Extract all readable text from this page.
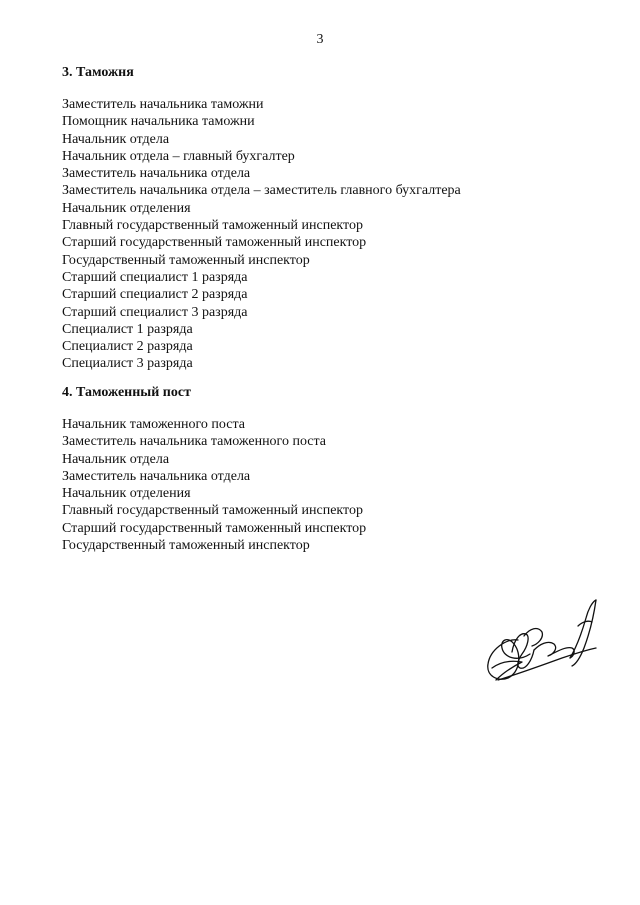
3
3. Таможня
Заместитель начальника таможни
Помощник начальника таможни
Начальник отдела
Начальник отдела – главный бухгалтер
Заместитель начальника отдела
Заместитель начальника отдела – заместитель главного бухгалтера
Начальник отделения
Главный государственный таможенный инспектор
Старший государственный таможенный инспектор
Государственный таможенный инспектор
Старший специалист 1 разряда
Старший специалист 2 разряда
Старший специалист 3 разряда
Специалист 1 разряда
Специалист 2 разряда
Специалист 3 разряда
4. Таможенный пост
Начальник таможенного поста
Заместитель начальника таможенного поста
Начальник отдела
Заместитель начальника отдела
Начальник отделения
Главный государственный таможенный инспектор
Старший государственный таможенный инспектор
Государственный таможенный инспектор
